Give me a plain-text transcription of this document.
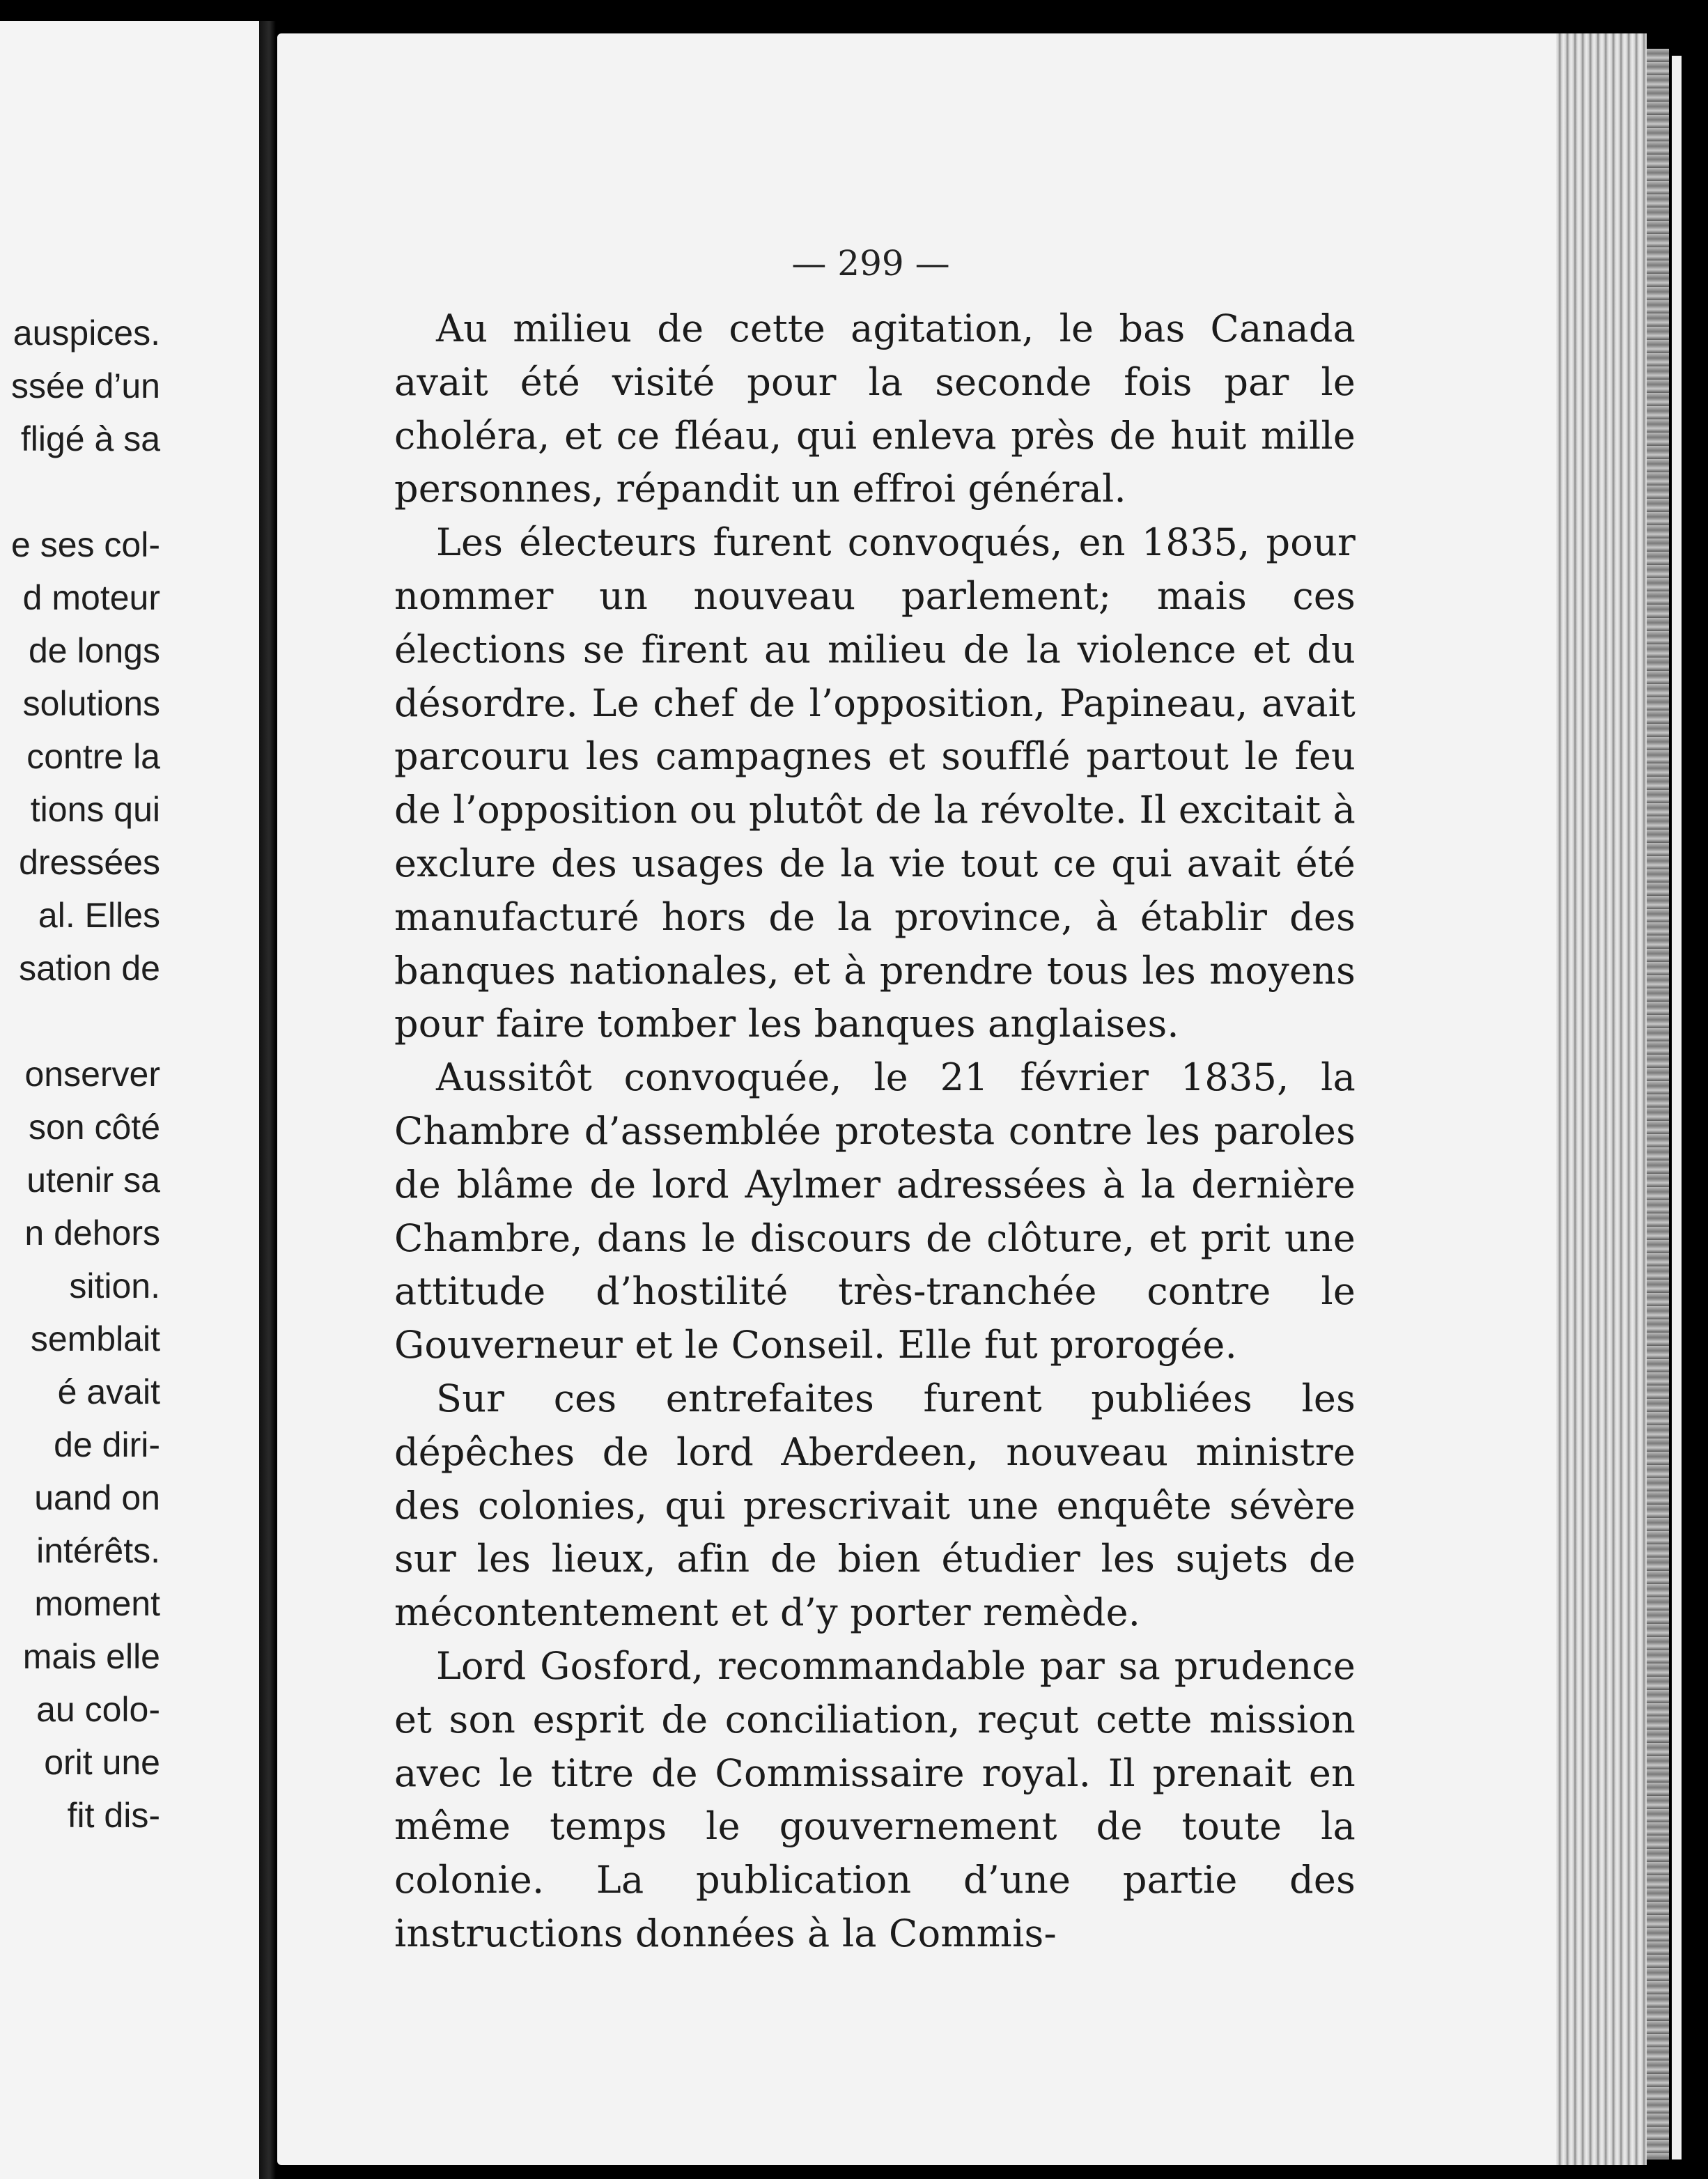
auspices.
ssée d’un
fligé à sa
e ses col-
d moteur
de longs
solutions
contre la
tions qui
dressées
al. Elles
sation de
onserver
son côté
utenir sa
n dehors
sition.
semblait
é avait
de diri-
uand on
intérêts.
moment
mais elle
au colo-
orit une
fit dis-
— 299 —

Au milieu de cette agitation, le bas Canada avait été visité pour la seconde fois par le choléra, et ce fléau, qui enleva près de huit mille personnes, répandit un effroi général.

Les électeurs furent convoqués, en 1835, pour nommer un nouveau parlement; mais ces élections se firent au milieu de la violence et du désordre. Le chef de l’opposition, Papineau, avait parcouru les campagnes et soufflé partout le feu de l’opposition ou plutôt de la révolte. Il excitait à exclure des usages de la vie tout ce qui avait été manufacturé hors de la province, à établir des banques nationales, et à prendre tous les moyens pour faire tomber les banques anglaises.

Aussitôt convoquée, le 21 février 1835, la Chambre d’assemblée protesta contre les paroles de blâme de lord Aylmer adressées à la dernière Chambre, dans le discours de clôture, et prit une attitude d’hostilité très-tranchée contre le Gouverneur et le Conseil. Elle fut prorogée.

Sur ces entrefaites furent publiées les dépêches de lord Aberdeen, nouveau ministre des colonies, qui prescrivait une enquête sévère sur les lieux, afin de bien étudier les sujets de mécontentement et d’y porter remède.

Lord Gosford, recommandable par sa prudence et son esprit de conciliation, reçut cette mission avec le titre de Commissaire royal. Il prenait en même temps le gouvernement de toute la colonie. La publication d’une partie des instructions données à la Commis-
